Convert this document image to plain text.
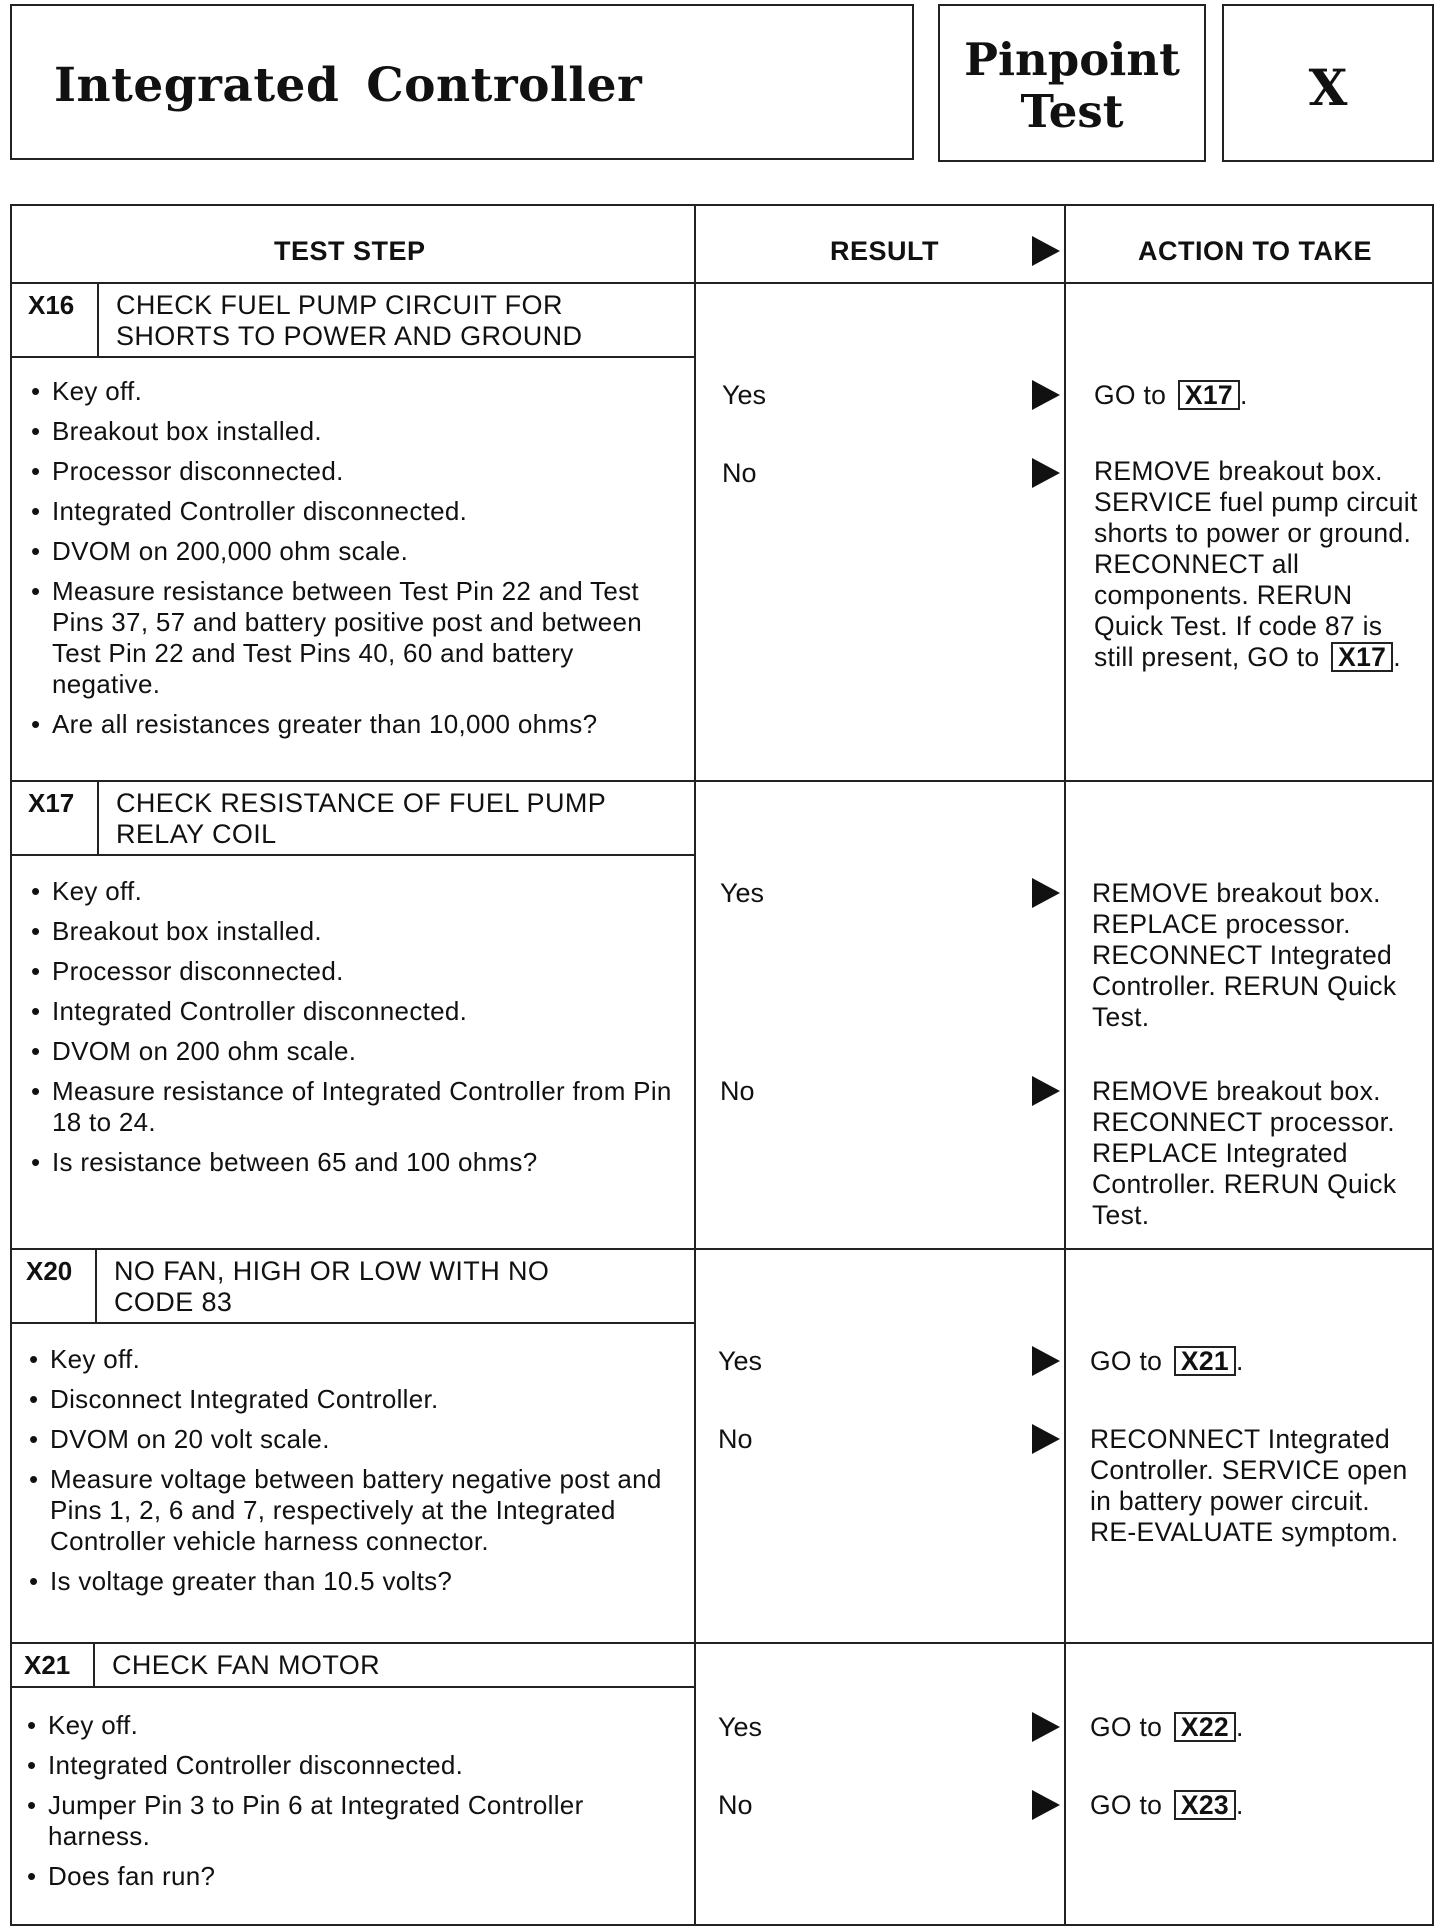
Integrated Controller	Pinpoint
Test	X
TEST STEP	RESULT	ACTION TO TAKE
X16 CHECK FUEL PUMP CIRCUIT FOR SHORTS TO POWER AND GROUND
• Key off.
• Breakout box installed.
• Processor disconnected.
• Integrated Controller disconnected.
• DVOM on 200,000 ohm scale.
• Measure resistance between Test Pin 22 and Test Pins 37, 57 and battery positive post and between Test Pin 22 and Test Pins 40, 60 and battery negative.
• Are all resistances greater than 10,000 ohms?
Yes	GO to X17 .
No	REMOVE breakout box. SERVICE fuel pump circuit shorts to power or ground. RECONNECT all components. RERUN Quick Test. If code 87 is still present, GO to X17 .
X17 CHECK RESISTANCE OF FUEL PUMP RELAY COIL
• Key off.
• Breakout box installed.
• Processor disconnected.
• Integrated Controller disconnected.
• DVOM on 200 ohm scale.
• Measure resistance of Integrated Controller from Pin 18 to 24.
• Is resistance between 65 and 100 ohms?
Yes	REMOVE breakout box. REPLACE processor. RECONNECT Integrated Controller. RERUN Quick Test.
No	REMOVE breakout box. RECONNECT processor. REPLACE Integrated Controller. RERUN Quick Test.
X20 NO FAN, HIGH OR LOW WITH NO CODE 83
• Key off.
• Disconnect Integrated Controller.
• DVOM on 20 volt scale.
• Measure voltage between battery negative post and Pins 1, 2, 6 and 7, respectively at the Integrated Controller vehicle harness connector.
• Is voltage greater than 10.5 volts?
Yes	GO to X21 .
No	RECONNECT Integrated Controller. SERVICE open in battery power circuit. RE-EVALUATE symptom.
X21 CHECK FAN MOTOR
• Key off.
• Integrated Controller disconnected.
• Jumper Pin 3 to Pin 6 at Integrated Controller harness.
• Does fan run?
Yes	GO to X22 .
No	GO to X23 .
